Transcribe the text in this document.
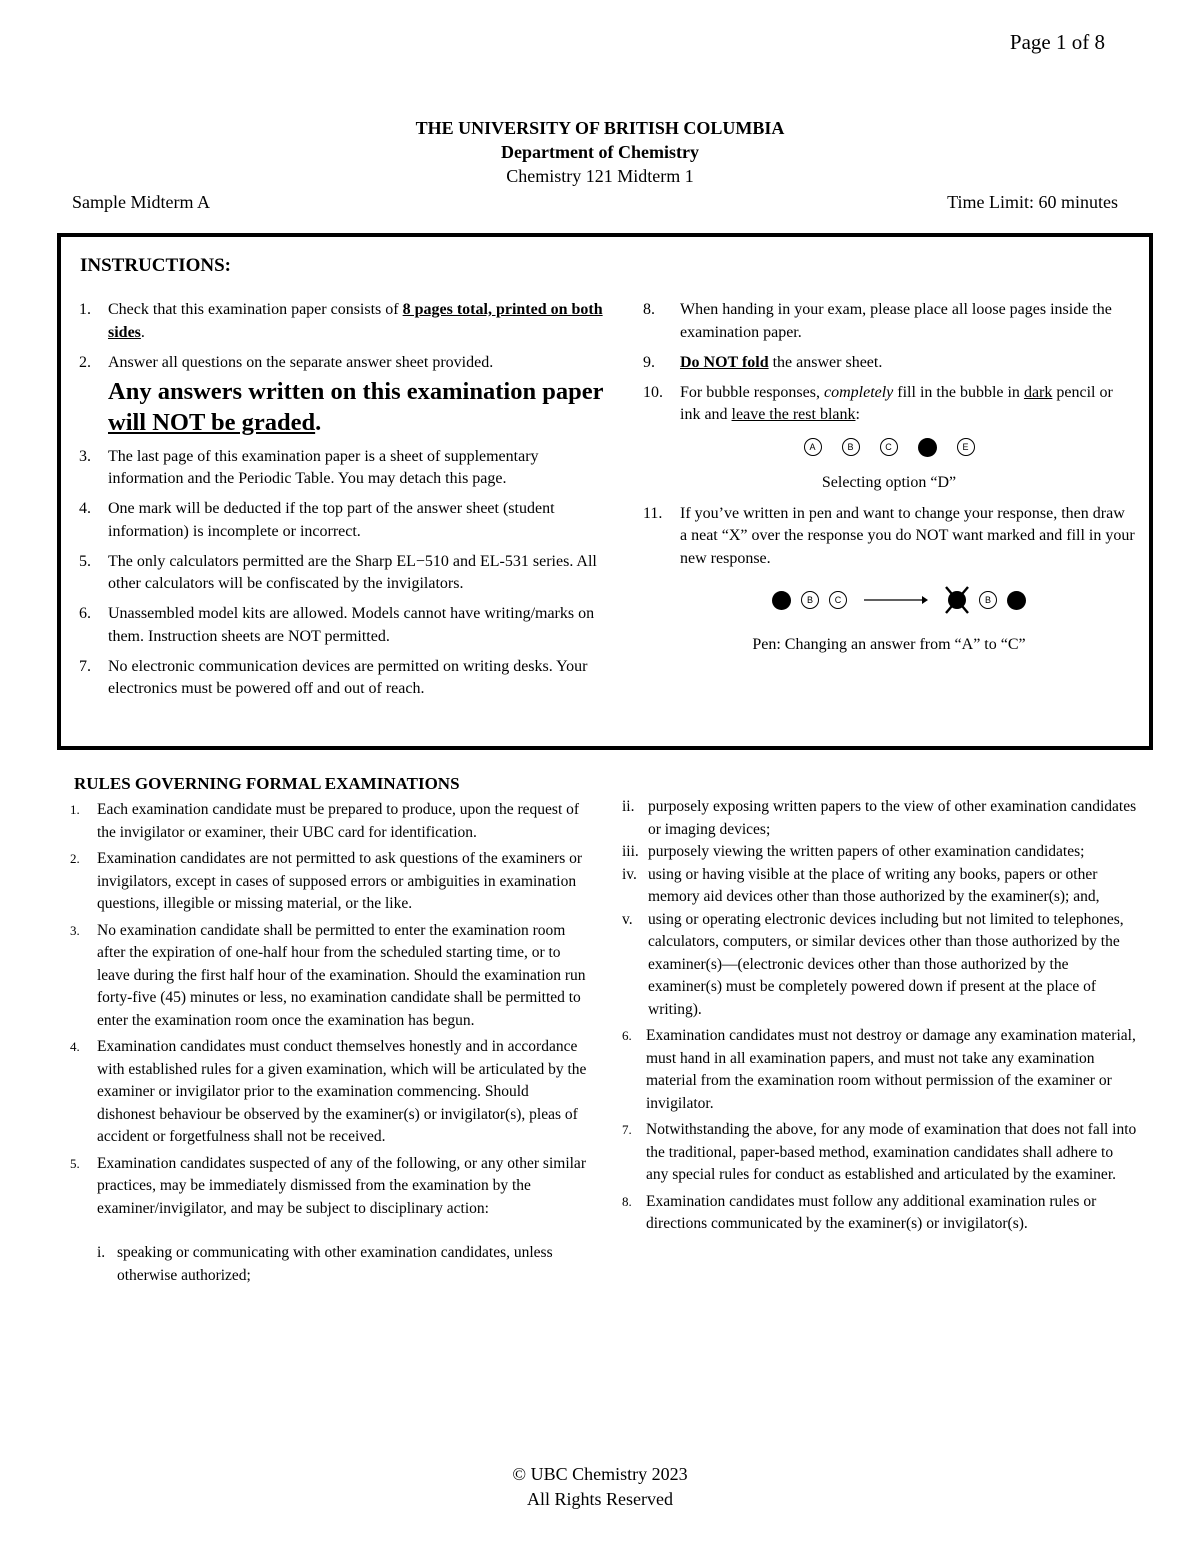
Page 1 of 8
THE UNIVERSITY OF BRITISH COLUMBIA
Department of Chemistry
Chemistry 121 Midterm 1
Sample Midterm A	Time Limit: 60 minutes
INSTRUCTIONS:
1.	Check that this examination paper consists of 8 pages total, printed on both sides.
2.	Answer all questions on the separate answer sheet provided.
Any answers written on this examination paper will NOT be graded.
3.	The last page of this examination paper is a sheet of supplementary information and the Periodic Table. You may detach this page.
4.	One mark will be deducted if the top part of the answer sheet (student information) is incomplete or incorrect.
5.	The only calculators permitted are the Sharp EL−510 and EL-531 series. All other calculators will be confiscated by the invigilators.
6.	Unassembled model kits are allowed. Models cannot have writing/marks on them. Instruction sheets are NOT permitted.
7.	No electronic communication devices are permitted on writing desks. Your electronics must be powered off and out of reach.
8.	When handing in your exam, please place all loose pages inside the examination paper.
9.	Do NOT fold the answer sheet.
10.	For bubble responses, completely fill in the bubble in dark pencil or ink and leave the rest blank:
A	B	C	E
Selecting option “D”
11.	If you’ve written in pen and want to change your response, then draw a neat “X” over the response you do NOT want marked and fill in your new response.
B	C	B
Pen: Changing an answer from “A” to “C”
RULES GOVERNING FORMAL EXAMINATIONS
1.	Each examination candidate must be prepared to produce, upon the request of the invigilator or examiner, their UBC card for identification.
2.	Examination candidates are not permitted to ask questions of the examiners or invigilators, except in cases of supposed errors or ambiguities in examination questions, illegible or missing material, or the like.
3.	No examination candidate shall be permitted to enter the examination room after the expiration of one-half hour from the scheduled starting time, or to leave during the first half hour of the examination. Should the examination run forty-five (45) minutes or less, no examination candidate shall be permitted to enter the examination room once the examination has begun.
4.	Examination candidates must conduct themselves honestly and in accordance with established rules for a given examination, which will be articulated by the examiner or invigilator prior to the examination commencing. Should dishonest behaviour be observed by the examiner(s) or invigilator(s), pleas of accident or forgetfulness shall not be received.
5.	Examination candidates suspected of any of the following, or any other similar practices, may be immediately dismissed from the examination by the examiner/invigilator, and may be subject to disciplinary action:
i. speaking or communicating with other examination candidates, unless otherwise authorized;
ii. purposely exposing written papers to the view of other examination candidates or imaging devices;
iii. purposely viewing the written papers of other examination candidates;
iv. using or having visible at the place of writing any books, papers or other memory aid devices other than those authorized by the examiner(s); and,
v. using or operating electronic devices including but not limited to telephones, calculators, computers, or similar devices other than those authorized by the examiner(s)—(electronic devices other than those authorized by the examiner(s) must be completely powered down if present at the place of writing).
6. Examination candidates must not destroy or damage any examination material, must hand in all examination papers, and must not take any examination material from the examination room without permission of the examiner or invigilator.
7. Notwithstanding the above, for any mode of examination that does not fall into the traditional, paper-based method, examination candidates shall adhere to any special rules for conduct as established and articulated by the examiner.
8. Examination candidates must follow any additional examination rules or directions communicated by the examiner(s) or invigilator(s).
© UBC Chemistry 2023
All Rights Reserved
